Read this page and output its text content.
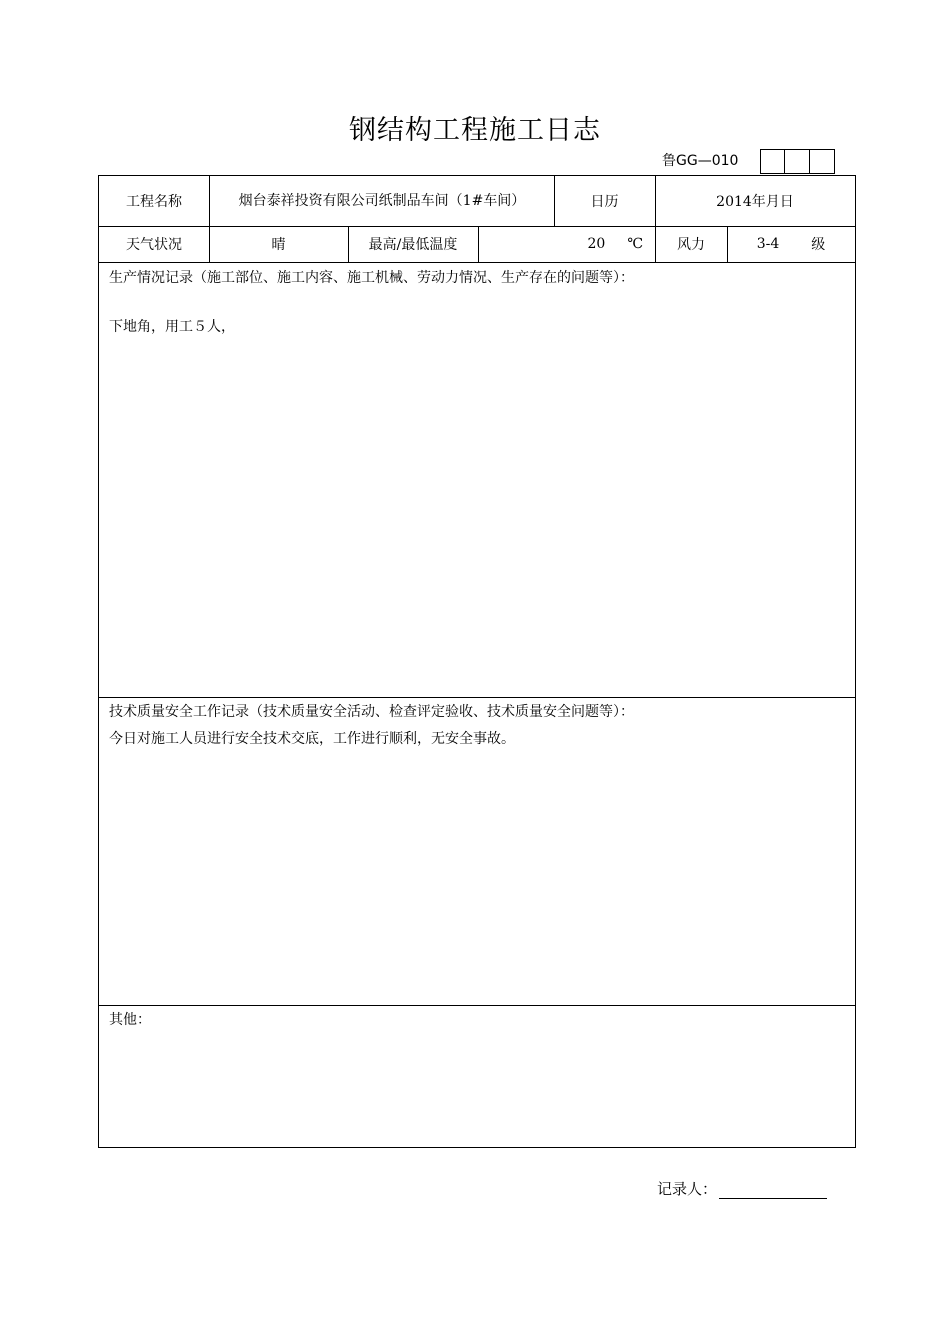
钢结构工程施工日志
鲁GG—010
工程名称	烟台泰祥投资有限公司纸制品车间（1#车间）	日历	2014年月日
天气状况	晴	最高/最低温度	20 ℃	风力	3-4 级
生产情况记录（施工部位、施工内容、施工机械、劳动力情况、生产存在的问题等）：
下地角，用工５人，
技术质量安全工作记录（技术质量安全活动、检查评定验收、技术质量安全问题等）：
今日对施工人员进行安全技术交底，工作进行顺利，无安全事故。
其他：
记录人：
